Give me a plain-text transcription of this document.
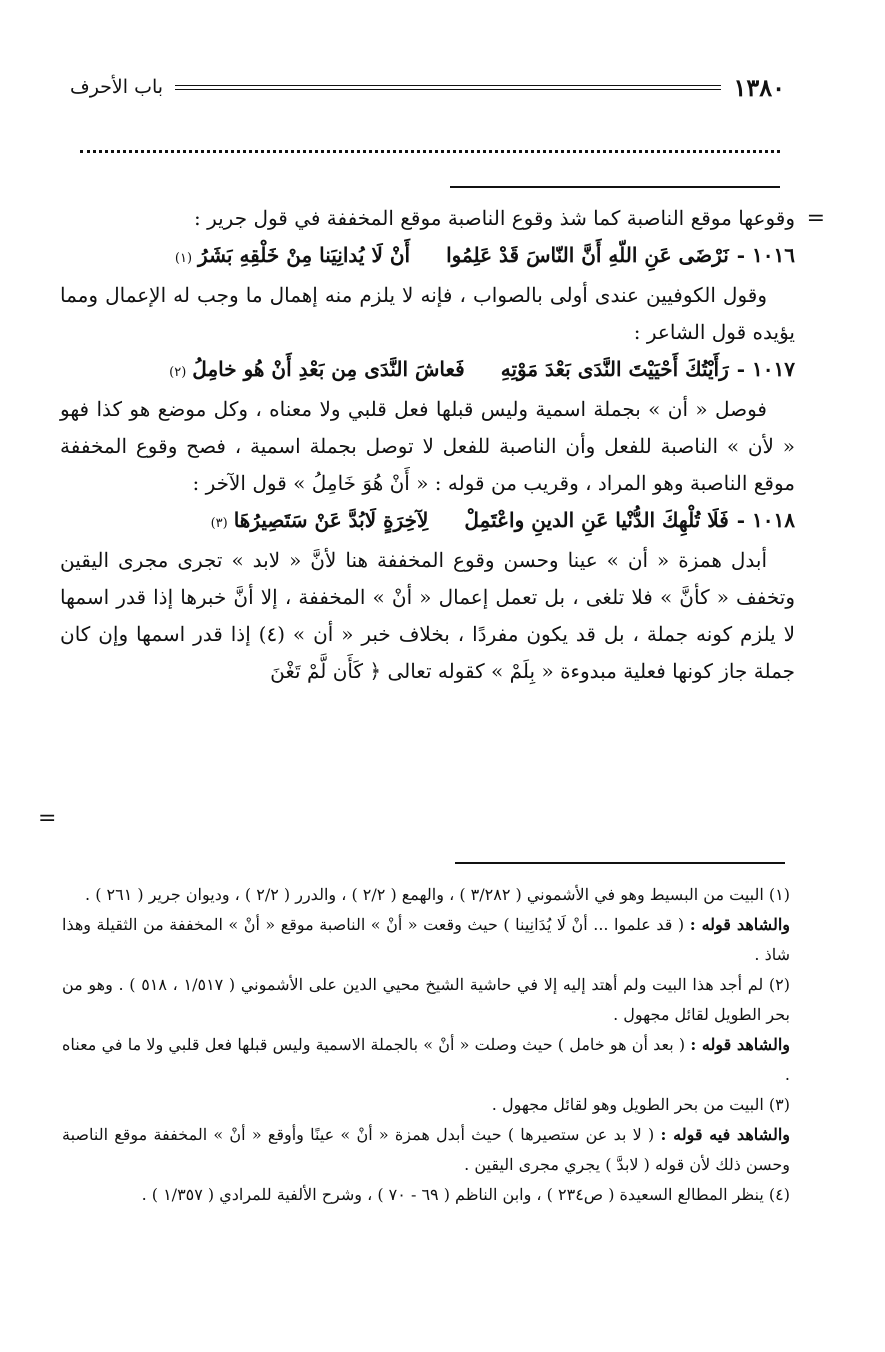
١٣٨٠
باب الأحرف
=

وقوعها موقع الناصبة كما شذ وقوع الناصبة موقع المخففة في قول جرير :

١٠١٦ -
نَرْضَى عَنِ اللّهِ أَنَّ النّاسَ قَدْ عَلِمُوا
أَنْ لَا يُدانِيَنا مِنْ خَلْقِهِ بَشَرُ
(١)

وقول الكوفيين عندى أولى بالصواب ، فإنه لا يلزم منه إهمال ما وجب له الإعمال ومما يؤيده قول الشاعر :

١٠١٧ -
رَأَيْتُكَ أَحْيَيْتَ النَّدَى بَعْدَ مَوْتِهِ
فَعاشَ النَّدَى مِن بَعْدِ أَنْ هُو خامِلُ
(٢)

فوصل « أن » بجملة اسمية وليس قبلها فعل قلبي ولا معناه ، وكل موضع هو كذا فهو « لأن » الناصبة للفعل وأن الناصبة للفعل لا توصل بجملة اسمية ، فصح وقوع المخففة موقع الناصبة وهو المراد ، وقريب من قوله : « أَنْ هُوَ خَامِلُ » قول الآخر :

١٠١٨ -
فَلَا تُلْهِكَ الدُّنْيا عَنِ الدينِ واعْتَمِلْ
لِآخِرَةٍ لَابُدَّ عَنْ سَتَصِيرُهَا
(٣)

أبدل همزة « أن » عينا وحسن وقوع المخففة هنا لأنَّ « لابد » تجرى مجرى اليقين وتخفف « كأنَّ » فلا تلغى ، بل تعمل إعمال « أنْ » المخففة ، إلا أنَّ خبرها إذا قدر اسمها لا يلزم كونه جملة ، بل قد يكون مفردًا ، بخلاف خبر « أن » (٤) إذا قدر اسمها وإن كان جملة جاز كونها فعلية مبدوءة « بِلَمْ » كقوله تعالى ﴿ كَأَن لَّمْ تَغْنَ

=

(١) البيت من البسيط وهو في الأشموني ( ٣/٢٨٢ ) ، والهمع ( ٢/٢ ) ، والدرر ( ٢/٢ ) ، وديوان جرير ( ٢٦١ ) .

والشاهد قوله : ( قد علموا ... أنْ لَا يُدَانِينا ) حيث وقعت « أنْ » الناصبة موقع « أنْ » المخففة من الثقيلة وهذا شاذ .

(٢) لم أجد هذا البيت ولم أهتد إليه إلا في حاشية الشيخ محيي الدين على الأشموني ( ١/٥١٧ ، ٥١٨ ) . وهو من بحر الطويل لقائل مجهول .

والشاهد قوله : ( بعد أن هو خامل ) حيث وصلت « أنْ » بالجملة الاسمية وليس قبلها فعل قلبي ولا ما في معناه .

(٣) البيت من بحر الطويل وهو لقائل مجهول .

والشاهد فيه قوله : ( لا بد عن ستصيرها ) حيث أبدل همزة « أنْ » عينًا وأوقع « أنْ » المخففة موقع الناصبة وحسن ذلك لأن قوله ( لابدَّ ) يجري مجرى اليقين .

(٤) ينظر المطالع السعيدة ( ص٢٣٤ ) ، وابن الناظم ( ٦٩ - ٧٠ ) ، وشرح الألفية للمرادي ( ١/٣٥٧ ) .
